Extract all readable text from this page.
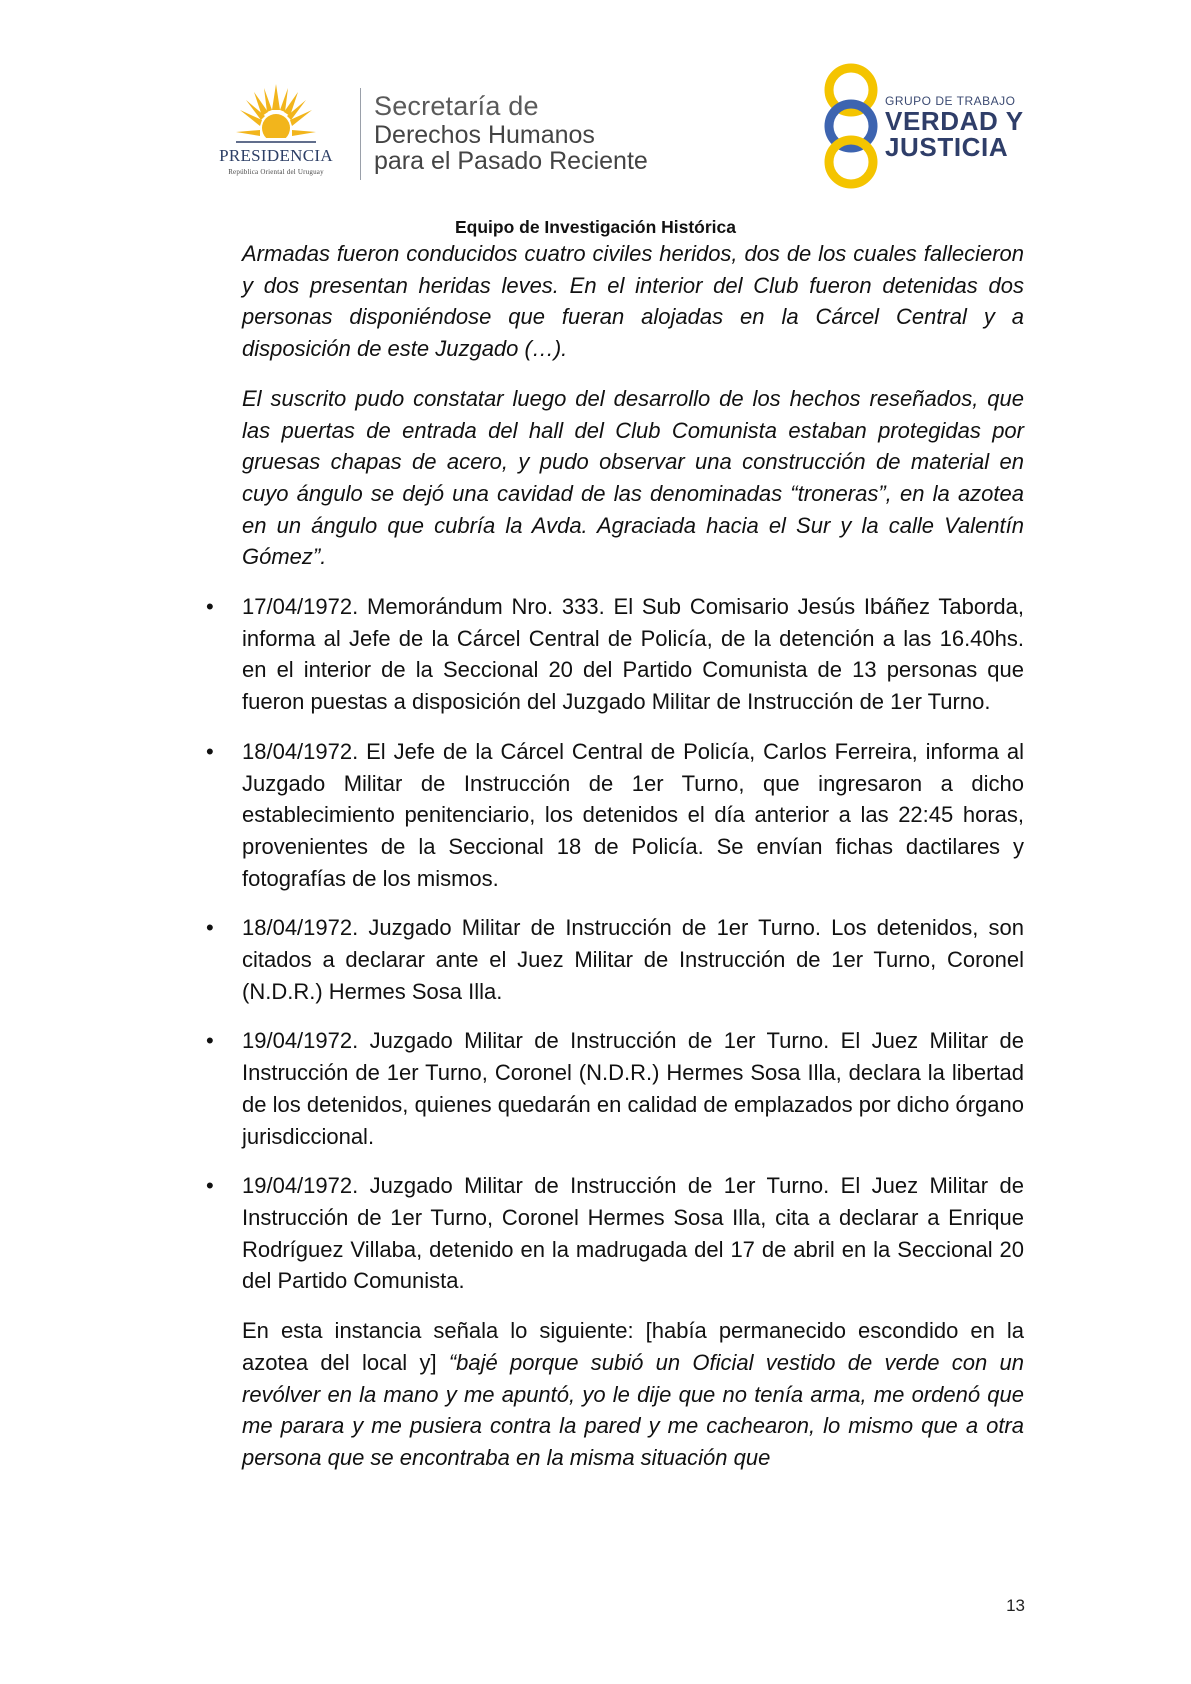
PRESIDENCIA
República Oriental del Uruguay
Secretaría de
Derechos Humanos
para el Pasado Reciente
GRUPO DE TRABAJO
VERDAD Y
JUSTICIA
Equipo de Investigación Histórica

Armadas fueron conducidos cuatro civiles heridos, dos de los cuales fallecieron y dos presentan heridas leves. En el interior del Club fueron detenidas dos personas disponiéndose que fueran alojadas en la Cárcel Central y a disposición de este Juzgado (…).

El suscrito pudo constatar luego del desarrollo de los hechos reseñados, que las puertas de entrada del hall del Club Comunista estaban protegidas por gruesas chapas de acero, y pudo observar una construcción de material en cuyo ángulo se dejó una cavidad de las denominadas “troneras”, en la azotea en un ángulo que cubría la Avda. Agraciada hacia el Sur y la calle Valentín Gómez”.

• 17/04/1972. Memorándum Nro. 333. El Sub Comisario Jesús Ibáñez Taborda, informa al Jefe de la Cárcel Central de Policía, de la detención a las 16.40hs. en el interior de la Seccional 20 del Partido Comunista de 13 personas que fueron puestas a disposición del Juzgado Militar de Instrucción de 1er Turno.

• 18/04/1972. El Jefe de la Cárcel Central de Policía, Carlos Ferreira, informa al Juzgado Militar de Instrucción de 1er Turno, que ingresaron a dicho establecimiento penitenciario, los detenidos el día anterior a las 22:45 horas, provenientes de la Seccional 18 de Policía. Se envían fichas dactilares y fotografías de los mismos.

• 18/04/1972. Juzgado Militar de Instrucción de 1er Turno. Los detenidos, son citados a declarar ante el Juez Militar de Instrucción de 1er Turno, Coronel (N.D.R.) Hermes Sosa Illa.

• 19/04/1972. Juzgado Militar de Instrucción de 1er Turno. El Juez Militar de Instrucción de 1er Turno, Coronel (N.D.R.) Hermes Sosa Illa, declara la libertad de los detenidos, quienes quedarán en calidad de emplazados por dicho órgano jurisdiccional.

• 19/04/1972. Juzgado Militar de Instrucción de 1er Turno. El Juez Militar de Instrucción de 1er Turno, Coronel Hermes Sosa Illa, cita a declarar a Enrique Rodríguez Villaba, detenido en la madrugada del 17 de abril en la Seccional 20 del Partido Comunista.

En esta instancia señala lo siguiente: [había permanecido escondido en la azotea del local y] “bajé porque subió un Oficial vestido de verde con un revólver en la mano y me apuntó, yo le dije que no tenía arma, me ordenó que me parara y me pusiera contra la pared y me cachearon, lo mismo que a otra persona que se encontraba en la misma situación que

13
